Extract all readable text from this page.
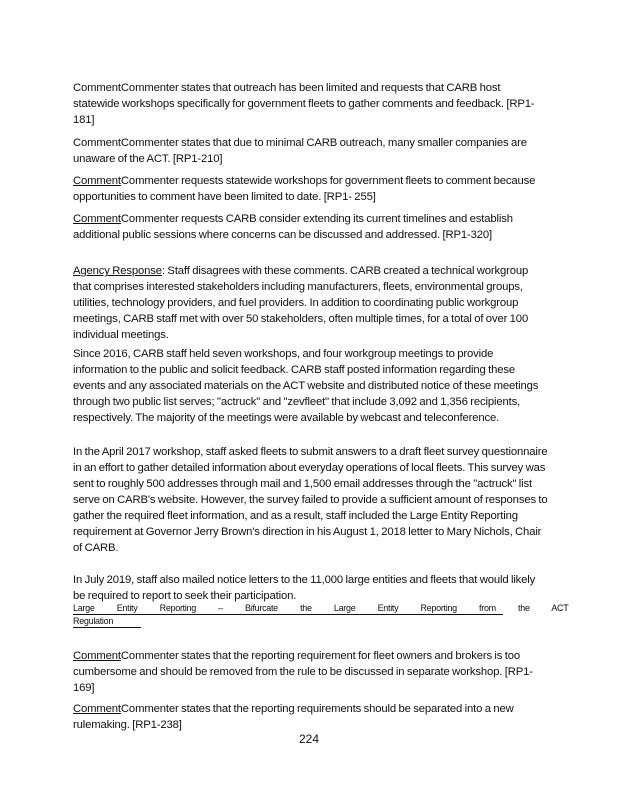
CommentCommenter states that outreach has been limited and requests that CARB host statewide workshops specifically for government fleets to gather comments and feedback. [RP1-181]

CommentCommenter states that due to minimal CARB outreach, many smaller companies are unaware of the ACT. [RP1-210]

CommentCommenter requests statewide workshops for government fleets to comment because opportunities to comment have been limited to date. [RP1- 255]

CommentCommenter requests CARB consider extending its current timelines and establish additional public sessions where concerns can be discussed and addressed. [RP1-320]

Agency Response: Staff disagrees with these comments. CARB created a technical workgroup that comprises interested stakeholders including manufacturers, fleets, environmental groups, utilities, technology providers, and fuel providers. In addition to coordinating public workgroup meetings, CARB staff met with over 50 stakeholders, often multiple times, for a total of over 100 individual meetings.

Since 2016, CARB staff held seven workshops, and four workgroup meetings to provide information to the public and solicit feedback. CARB staff posted information regarding these events and any associated materials on the ACT website and distributed notice of these meetings through two public list serves; "actruck" and "zevfleet" that include 3,092 and 1,356 recipients, respectively. The majority of the meetings were available by webcast and teleconference.

In the April 2017 workshop, staff asked fleets to submit answers to a draft fleet survey questionnaire in an effort to gather detailed information about everyday operations of local fleets. This survey was sent to roughly 500 addresses through mail and 1,500 email addresses through the "actruck" list serve on CARB's website. However, the survey failed to provide a sufficient amount of responses to gather the required fleet information, and as a result, staff included the Large Entity Reporting requirement at Governor Jerry Brown's direction in his August 1, 2018 letter to Mary Nichols, Chair of CARB.

In July 2019, staff also mailed notice letters to the 11,000 large entities and fleets that would likely be required to report to seek their participation.

Large Entity Reporting – Bifurcate the Large Entity Reporting from the ACT
Regulation

CommentCommenter states that the reporting requirement for fleet owners and brokers is too cumbersome and should be removed from the rule to be discussed in separate workshop. [RP1-169]

CommentCommenter states that the reporting requirements should be separated into a new rulemaking. [RP1-238]

224
